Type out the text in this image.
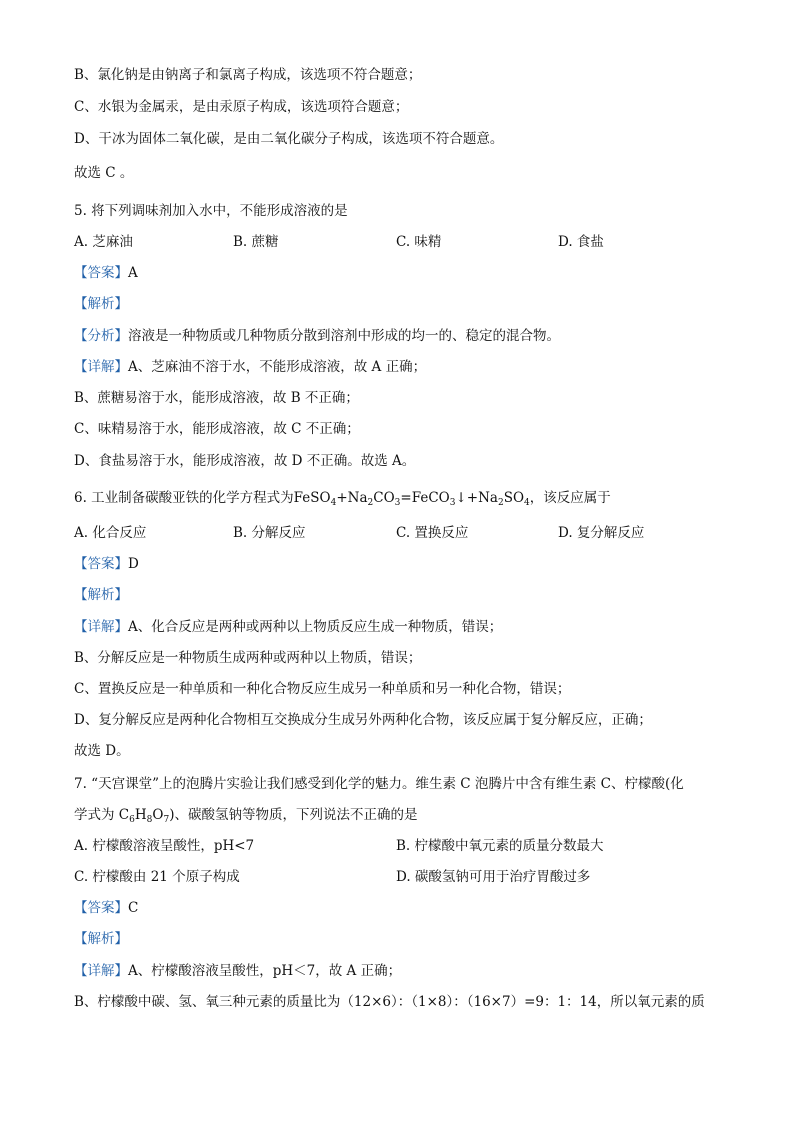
B、氯化钠是由钠离子和氯离子构成，该选项不符合题意；
C、水银为金属汞，是由汞原子构成，该选项符合题意；
D、干冰为固体二氧化碳，是由二氧化碳分子构成，该选项不符合题意。
故选 C 。
5. 将下列调味剂加入水中，不能形成溶液的是
A. 芝麻油	B. 蔗糖	C. 味精	D. 食盐
【答案】A
【解析】
【分析】溶液是一种物质或几种物质分散到溶剂中形成的均一的、稳定的混合物。
【详解】A、芝麻油不溶于水，不能形成溶液，故 A 正确；
B、蔗糖易溶于水，能形成溶液，故 B 不正确；
C、味精易溶于水，能形成溶液，故 C 不正确；
D、食盐易溶于水，能形成溶液，故 D 不正确。故选 A。
6. 工业制备碳酸亚铁的化学方程式为$FeSO_4+Na_2CO_3=FeCO_3↓+Na_2SO_4$，该反应属于
A. 化合反应	B. 分解反应	C. 置换反应	D. 复分解反应
【答案】D
【解析】
【详解】A、化合反应是两种或两种以上物质反应生成一种物质，错误；
B、分解反应是一种物质生成两种或两种以上物质，错误；
C、置换反应是一种单质和一种化合物反应生成另一种单质和另一种化合物，错误；
D、复分解反应是两种化合物相互交换成分生成另外两种化合物，该反应属于复分解反应，正确；
故选 D。
7. “天宫课堂”上的泡腾片实验让我们感受到化学的魅力。维生素 C 泡腾片中含有维生素 C、柠檬酸(化
学式为 $C_6H_8O_7$)、碳酸氢钠等物质，下列说法不正确的是
A. 柠檬酸溶液呈酸性，pH<7	B. 柠檬酸中氧元素的质量分数最大
C. 柠檬酸由 21 个原子构成	D. 碳酸氢钠可用于治疗胃酸过多
【答案】C
【解析】
【详解】A、柠檬酸溶液呈酸性，pH＜7，故 A 正确；
B、柠檬酸中碳、氢、氧三种元素的质量比为（12×6）：（1×8）：（16×7）=9：1：14，所以氧元素的质
